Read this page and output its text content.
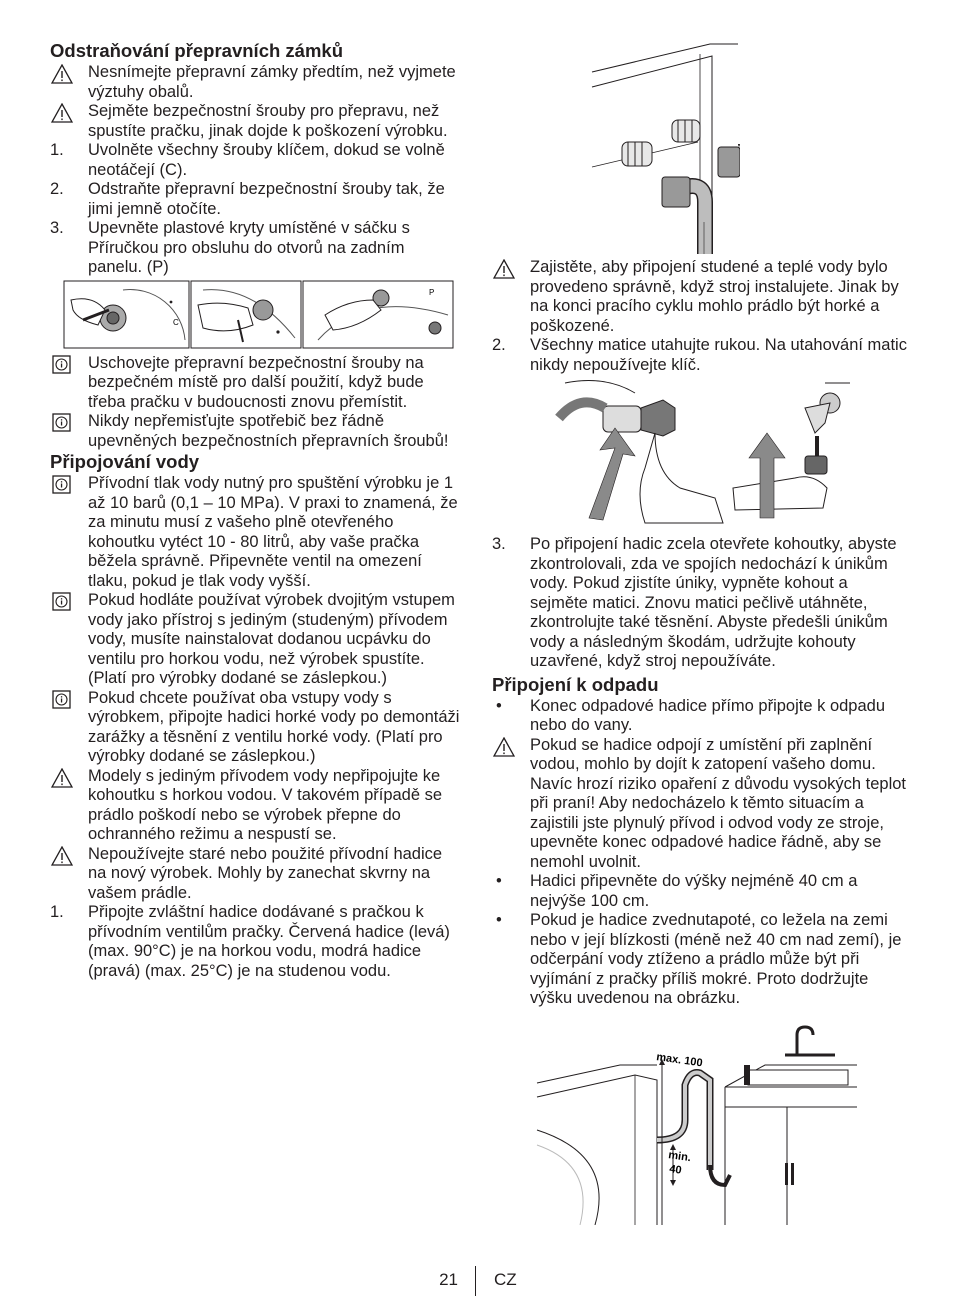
Odstraňování přepravních zámků

Nesnímejte přepravní zámky předtím, než vyjmete výztuhy obalů.

Sejměte bezpečnostní šrouby pro přepravu, než spustíte pračku, jinak dojde k poškození výrobku.

1. Uvolněte všechny šrouby klíčem, dokud se volně neotáčejí (C).

2. Odstraňte přepravní bezpečnostní šrouby tak, že jimi jemně otočíte.

3. Upevněte plastové kryty umístěné v sáčku s Příručkou pro obsluhu do otvorů na zadním panelu. (P)

C
P

Uschovejte přepravní bezpečnostní šrouby na bezpečném místě pro další použití, když bude třeba pračku v budoucnosti znovu přemístit.

Nikdy nepřemisťujte spotřebič bez řádně upevněných bezpečnostních přepravních šroubů!

Připojování vody

Přívodní tlak vody nutný pro spuštění výrobku je 1 až 10 barů (0,1 – 10 MPa). V praxi to znamená, že za minutu musí z vašeho plně otevřeného kohoutku vytéct 10 - 80 litrů, aby vaše pračka běžela správně. Připevněte ventil na omezení tlaku, pokud je tlak vody vyšší.

Pokud hodláte používat výrobek dvojitým vstupem vody jako přístroj s jediným (studeným) přívodem vody, musíte nainstalovat dodanou ucpávku do ventilu pro horkou vodu, než výrobek spustíte. (Platí pro výrobky dodané se záslepkou.)

Pokud chcete používat oba vstupy vody s výrobkem, připojte hadici horké vody po demontáži zarážky a těsnění z ventilu horké vody. (Platí pro výrobky dodané se záslepkou.)

Modely s jediným přívodem vody nepřipojujte ke kohoutku s horkou vodou. V takovém případě se prádlo poškodí nebo se výrobek přepne do ochranného režimu a nespustí se.

Nepoužívejte staré nebo použité přívodní hadice na nový výrobek. Mohly by zanechat skvrny na vašem prádle.

1. Připojte zvláštní hadice dodávané s pračkou k přívodním ventilům pračky. Červená hadice (levá) (max. 90°C) je na horkou vodu, modrá hadice (pravá) (max. 25°C) je na studenou vodu.

Zajistěte, aby připojení studené a teplé vody bylo provedeno správně, když stroj instalujete. Jinak by na konci pracího cyklu mohlo prádlo být horké a poškozené.

2. Všechny matice utahujte rukou. Na utahování matic nikdy nepoužívejte klíč.

3. Po připojení hadic zcela otevřete kohoutky, abyste zkontrolovali, zda ve spojích nedochází k únikům vody. Pokud zjistíte úniky, vypněte kohout a sejměte matici. Znovu matici pečlivě utáhněte, zkontrolujte také těsnění. Abyste předešli únikům vody a následným škodám, udržujte kohouty uzavřené, když stroj nepoužíváte.

Připojení k odpadu

• Konec odpadové hadice přímo připojte k odpadu nebo do vany.

Pokud se hadice odpojí z umístění při zaplnění vodou, mohlo by dojít k zatopení vašeho domu. Navíc hrozí riziko opaření z důvodu vysokých teplot při praní! Aby nedocházelo k těmto situacím a zajistili jste plynulý přívod i odvod vody ze stroje, upevněte konec odpadové hadice řádně, aby se nemohl uvolnit.

• Hadici připevněte do výšky nejméně 40 cm a nejvýše 100 cm.

• Pokud je hadice zvednutapoté, co ležela na zemi nebo v její blízkosti (méně než 40 cm nad zemí), je odčerpání vody ztíženo a prádlo může být při vyjímání z pračky příliš mokré. Proto dodržujte výšku uvedenou na obrázku.

max. 100
min.
40
21 CZ
